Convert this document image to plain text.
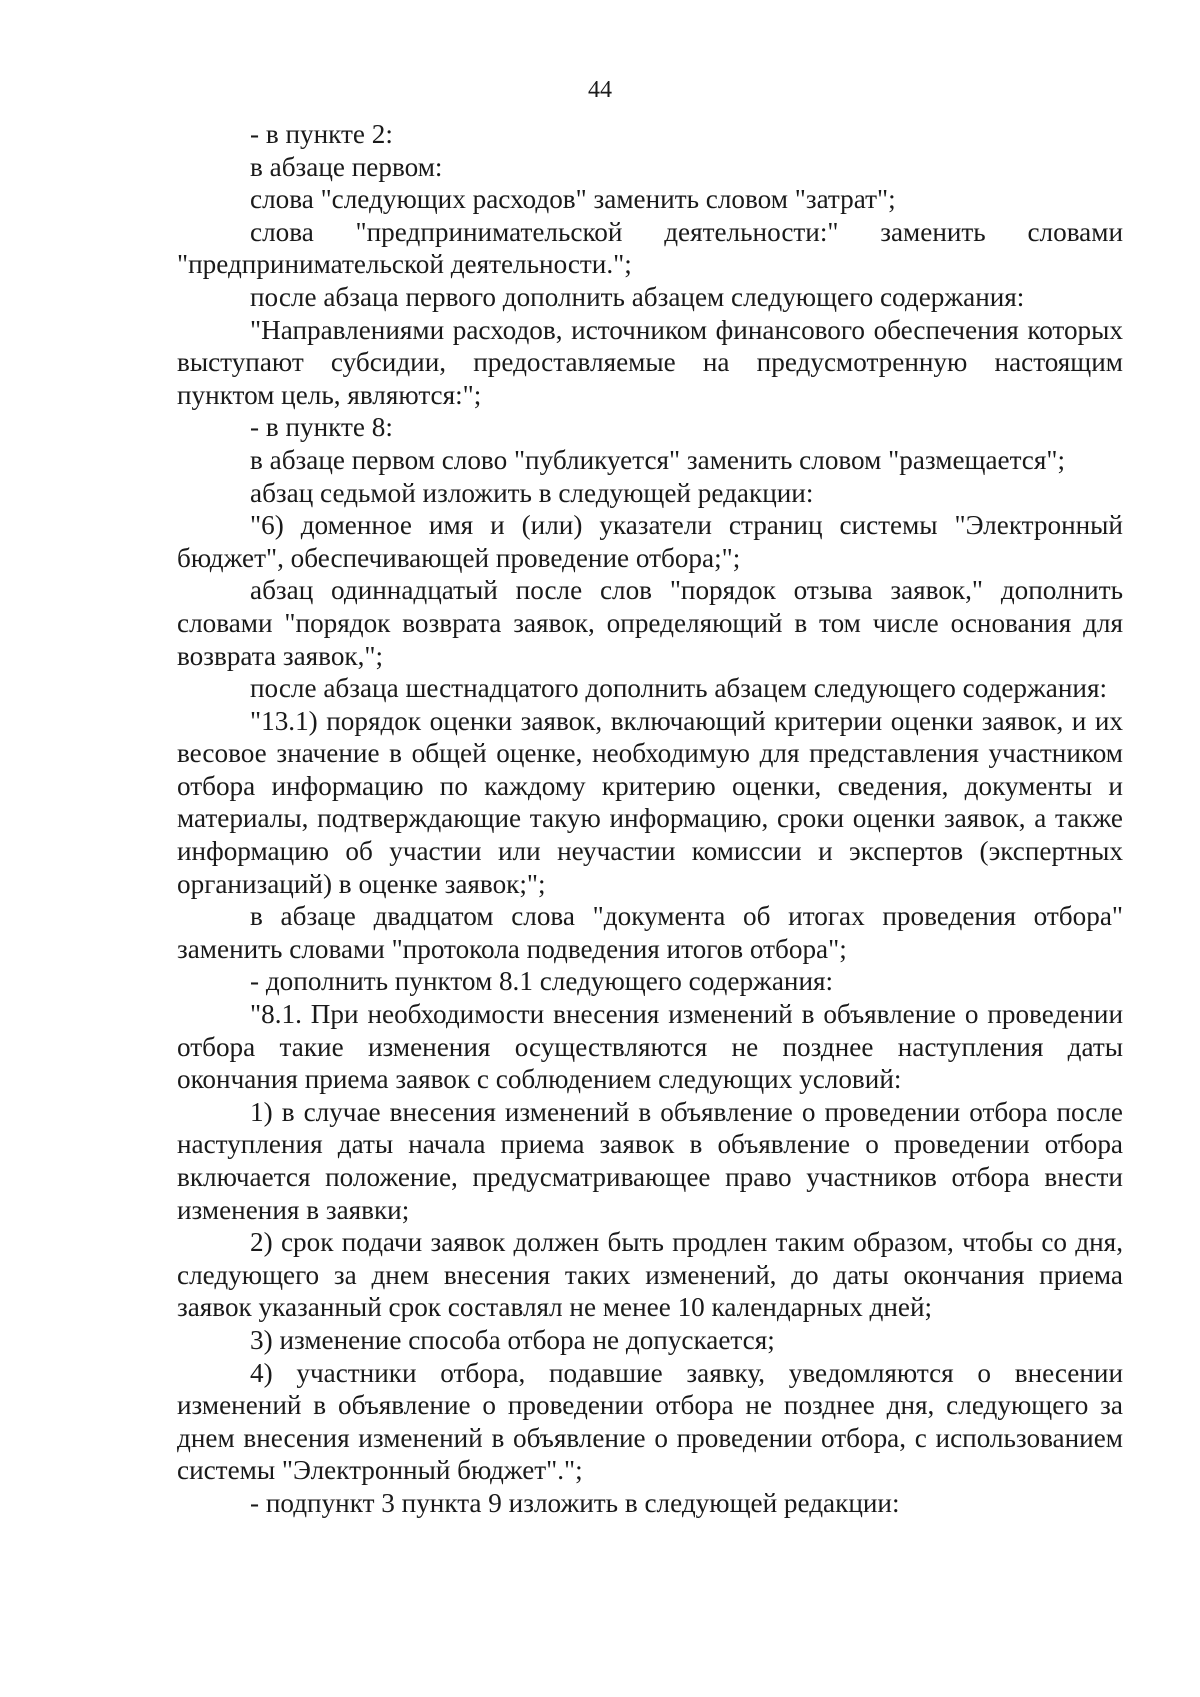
44

- в пункте 2:

в абзаце первом:

слова "следующих расходов" заменить словом "затрат";

слова "предпринимательской деятельности:" заменить словами "предпринимательской деятельности.";

после абзаца первого дополнить абзацем следующего содержания:

"Направлениями расходов, источником финансового обеспечения которых выступают субсидии, предоставляемые на предусмотренную настоящим пунктом цель, являются:";

- в пункте 8:

в абзаце первом слово "публикуется" заменить словом "размещается";

абзац седьмой изложить в следующей редакции:

"6) доменное имя и (или) указатели страниц системы "Электронный бюджет", обеспечивающей проведение отбора;";

абзац одиннадцатый после слов "порядок отзыва заявок," дополнить словами "порядок возврата заявок, определяющий в том числе основания для возврата заявок,";

после абзаца шестнадцатого дополнить абзацем следующего содержания:

"13.1) порядок оценки заявок, включающий критерии оценки заявок, и их весовое значение в общей оценке, необходимую для представления участником отбора информацию по каждому критерию оценки, сведения, документы и материалы, подтверждающие такую информацию, сроки оценки заявок, а также информацию об участии или неучастии комиссии и экспертов (экспертных организаций) в оценке заявок;";

в абзаце двадцатом слова "документа об итогах проведения отбора" заменить словами "протокола подведения итогов отбора";

- дополнить пунктом 8.1 следующего содержания:

"8.1. При необходимости внесения изменений в объявление о проведении отбора такие изменения осуществляются не позднее наступления даты окончания приема заявок с соблюдением следующих условий:

1) в случае внесения изменений в объявление о проведении отбора после наступления даты начала приема заявок в объявление о проведении отбора включается положение, предусматривающее право участников отбора внести изменения в заявки;

2) срок подачи заявок должен быть продлен таким образом, чтобы со дня, следующего за днем внесения таких изменений, до даты окончания приема заявок указанный срок составлял не менее 10 календарных дней;

3) изменение способа отбора не допускается;

4) участники отбора, подавшие заявку, уведомляются о внесении изменений в объявление о проведении отбора не позднее дня, следующего за днем внесения изменений в объявление о проведении отбора, с использованием системы "Электронный бюджет".";

- подпункт 3 пункта 9 изложить в следующей редакции:
